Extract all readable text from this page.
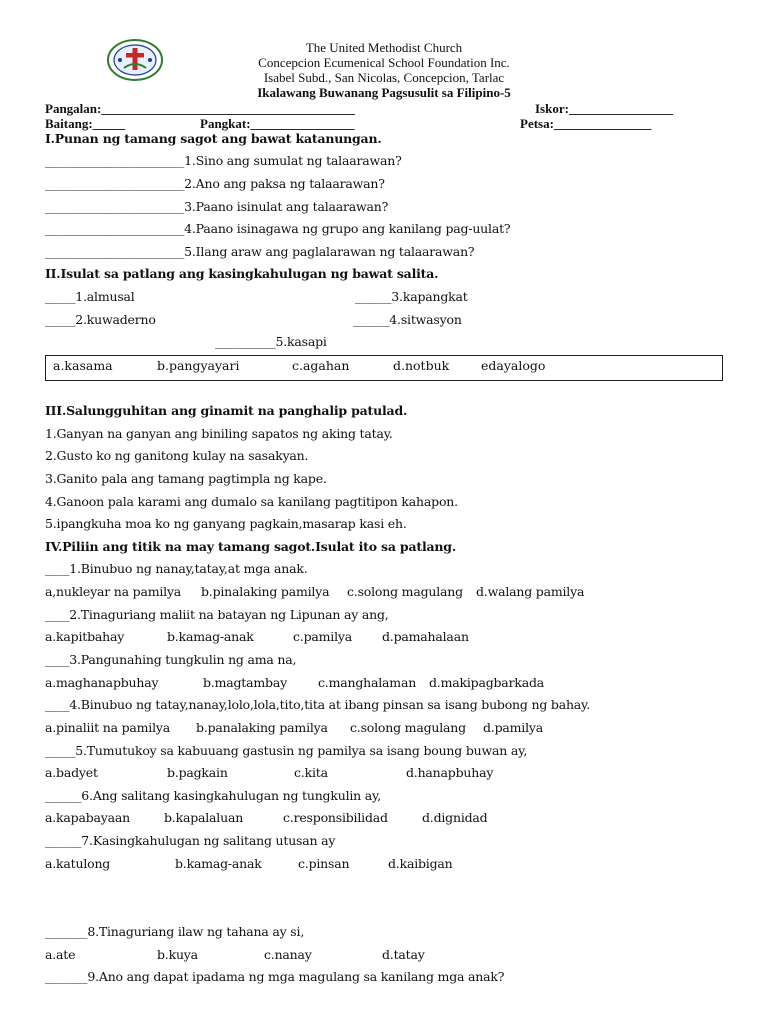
The United Methodist Church
Concepcion Ecumenical School Foundation Inc.
Isabel Subd., San Nicolas, Concepcion, Tarlac
Ikalawang Buwanang Pagsusulit sa Filipino-5
Pangalan:_______________________________________	Iskor:________________
Baitang:_____	Pangkat:________________	Petsa:_______________
I.Punan ng tamang sagot ang bawat katanungan.
_______________________1.Sino ang sumulat ng talaarawan?
_______________________2.Ano ang paksa ng talaarawan?
_______________________3.Paano isinulat ang talaarawan?
_______________________4.Paano isinagawa ng grupo ang kanilang pag-uulat?
_______________________5.Ilang araw ang paglalarawan ng talaarawan?
II.Isulat sa patlang ang kasingkahulugan ng bawat salita.
_____1.almusal
_____2.kuwaderno
______3.kapangkat
______4.sitwasyon
__________5.kasapi
a.kasama	b.pangyayari	c.agahan	d.notbuk	edayalogo
III.Salungguhitan ang ginamit na panghalip patulad.
1.Ganyan na ganyan ang biniling sapatos ng aking tatay.
2.Gusto ko ng ganitong kulay na sasakyan.
3.Ganito pala ang tamang pagtimpla ng kape.
4.Ganoon pala karami ang dumalo sa kanilang pagtitipon kahapon.
5.ipangkuha moa ko ng ganyang pagkain,masarap kasi eh.
IV.Piliin ang titik na may tamang sagot.Isulat ito sa patlang.
____1.Binubuo ng nanay,tatay,at mga anak.
a,nukleyar na pamilya b.pinalaking pamilya c.solong magulang d.walang pamilya
____2.Tinaguriang maliit na batayan ng Lipunan ay ang,
a.kapitbahay	b.kamag-anak	c.pamilya d.pamahalaan
____3.Pangunahing tungkulin ng ama na,
a.maghanapbuhay	b.magtambay c.manghalaman d.makipagbarkada
____4.Binubuo ng tatay,nanay,lolo,lola,tito,tita at ibang pinsan sa isang bubong ng bahay.
a.pinaliit na pamilya b.panalaking pamilya c.solong magulang d.pamilya
_____5.Tumutukoy sa kabuuang gastusin ng pamilya sa isang boung buwan ay,
a.badyet	b.pagkain	c.kita	d.hanapbuhay
______6.Ang salitang kasingkahulugan ng tungkulin ay,
a.kapabayaan	b.kapalaluan	c.responsibilidad	d.dignidad
______7.Kasingkahulugan ng salitang utusan ay
a.katulong	b.kamag-anak	c.pinsan	d.kaibigan
_______8.Tinaguriang ilaw ng tahana ay si,
a.ate	b.kuya	c.nanay	d.tatay
_______9.Ano ang dapat ipadama ng mga magulang sa kanilang mga anak?
